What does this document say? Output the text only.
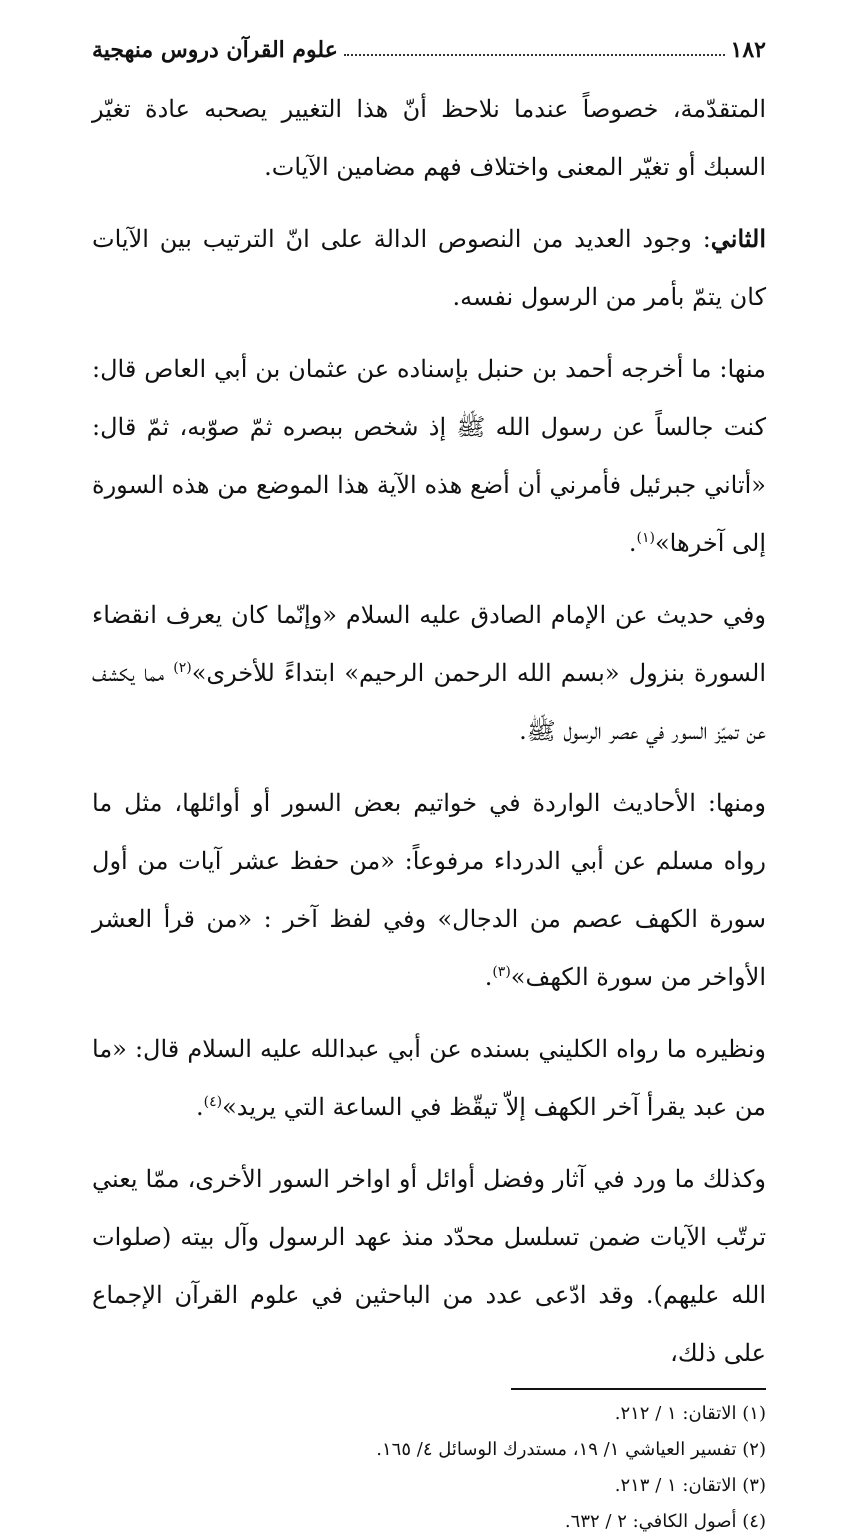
١٨٢
علوم القرآن دروس منهجية

المتقدّمة، خصوصاً عندما نلاحظ أنّ هذا التغيير يصحبه عادة تغيّر السبك أو تغيّر المعنى واختلاف فهم مضامين الآيات.

الثاني: وجود العديد من النصوص الدالة على انّ الترتيب بين الآيات كان يتمّ بأمر من الرسول نفسه.

منها: ما أخرجه أحمد بن حنبل بإسناده عن عثمان بن أبي العاص قال: كنت جالساً عن رسول الله ﷺ إذ شخص ببصره ثمّ صوّبه، ثمّ قال: «أتاني جبرئيل فأمرني أن أضع هذه الآية هذا الموضع من هذه السورة إلى آخرها»$^{(١)}$.

وفي حديث عن الإمام الصادق عليه السلام «وإنّما كان يعرف انقضاء السورة بنزول «بسم الله الرحمن الرحيم» ابتداءً للأخرى»$^{(٢)}$ مما يكشف عن تميّز السور في عصر الرسول ﷺ.

ومنها: الأحاديث الواردة في خواتيم بعض السور أو أوائلها، مثل ما رواه مسلم عن أبي الدرداء مرفوعاً: «من حفظ عشر آيات من أول سورة الكهف عصم من الدجال» وفي لفظ آخر : «من قرأ العشر الأواخر من سورة الكهف»$^{(٣)}$.

ونظيره ما رواه الكليني بسنده عن أبي عبدالله عليه السلام قال: «ما من عبد يقرأ آخر الكهف إلاّ تيقّظ في الساعة التي يريد»$^{(٤)}$.

وكذلك ما ورد في آثار وفضل أوائل أو اواخر السور الأخرى، ممّا يعني ترتّب الآيات ضمن تسلسل محدّد منذ عهد الرسول وآل بيته (صلوات الله عليهم). وقد ادّعى عدد من الباحثين في علوم القرآن الإجماع على ذلك،

(١) الاتقان: ١ / ٢١٢.
(٢) تفسير العياشي ١/ ١٩، مستدرك الوسائل ٤/ ١٦٥.
(٣) الاتقان: ١ / ٢١٣.
(٤) أصول الكافي: ٢ / ٦٣٢.
